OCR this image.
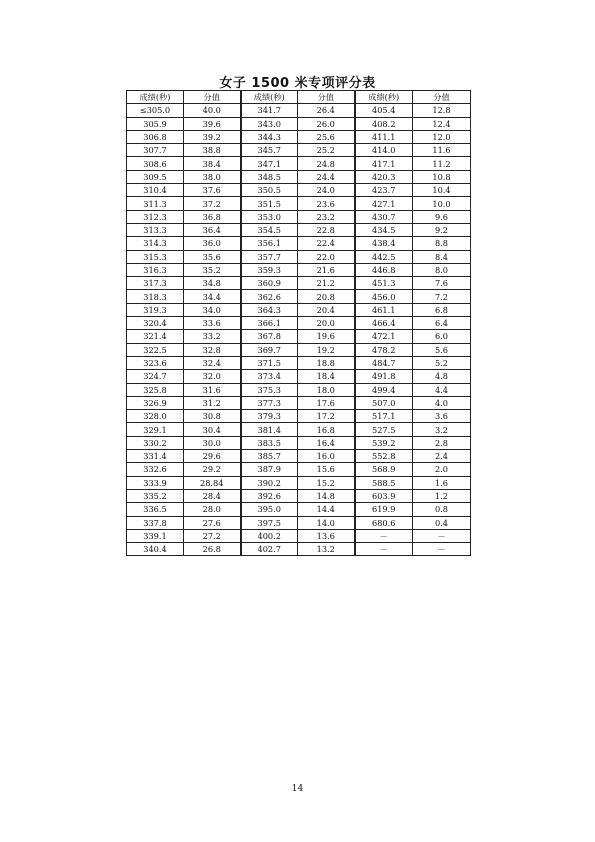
女子 1500 米专项评分表
成绩(秒)	分值	成绩(秒)	分值	成绩(秒)	分值
≤305.0	40.0	341.7	26.4	405.4	12.8
305.9	39.6	343.0	26.0	408.2	12.4
306.8	39.2	344.3	25.6	411.1	12.0
307.7	38.8	345.7	25.2	414.0	11.6
308.6	38.4	347.1	24.8	417.1	11.2
309.5	38.0	348.5	24.4	420.3	10.8
310.4	37.6	350.5	24.0	423.7	10.4
311.3	37.2	351.5	23.6	427.1	10.0
312.3	36.8	353.0	23.2	430.7	9.6
313.3	36.4	354.5	22.8	434.5	9.2
314.3	36.0	356.1	22.4	438.4	8.8
315.3	35.6	357.7	22.0	442.5	8.4
316.3	35.2	359.3	21.6	446.8	8.0
317.3	34.8	360.9	21.2	451.3	7.6
318.3	34.4	362.6	20.8	456.0	7.2
319.3	34.0	364.3	20.4	461.1	6.8
320.4	33.6	366.1	20.0	466.4	6.4
321.4	33.2	367.8	19.6	472.1	6.0
322.5	32.8	369.7	19.2	478.2	5.6
323.6	32.4	371.5	18.8	484.7	5.2
324.7	32.0	373.4	18.4	491.8	4.8
325.8	31.6	375.3	18.0	499.4	4.4
326.9	31.2	377.3	17.6	507.0	4.0
328.0	30.8	379.3	17.2	517.1	3.6
329.1	30.4	381.4	16.8	527.5	3.2
330.2	30.0	383.5	16.4	539.2	2.8
331.4	29.6	385.7	16.0	552.8	2.4
332.6	29.2	387.9	15.6	568.9	2.0
333.9	28.84	390.2	15.2	588.5	1.6
335.2	28.4	392.6	14.8	603.9	1.2
336.5	28.0	395.0	14.4	619.9	0.8
337.8	27.6	397.5	14.0	680.6	0.4
339.1	27.2	400.2	13.6	－	－
340.4	26.8	402.7	13.2	－	－
14
